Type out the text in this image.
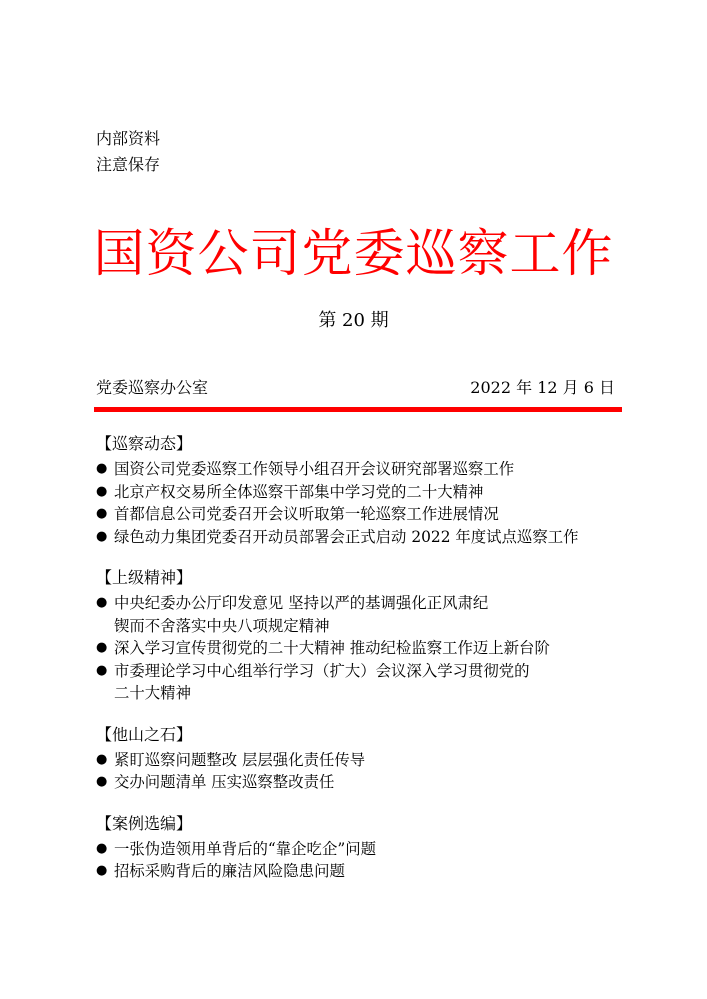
内部资料
注意保存
国资公司党委巡察工作
第 20 期
党委巡察办公室	2022 年 12 月 6 日
【巡察动态】
● 国资公司党委巡察工作领导小组召开会议研究部署巡察工作
● 北京产权交易所全体巡察干部集中学习党的二十大精神
● 首都信息公司党委召开会议听取第一轮巡察工作进展情况
● 绿色动力集团党委召开动员部署会正式启动 2022 年度试点巡察工作
【上级精神】
● 中央纪委办公厅印发意见 坚持以严的基调强化正风肃纪
锲而不舍落实中央八项规定精神
● 深入学习宣传贯彻党的二十大精神 推动纪检监察工作迈上新台阶
● 市委理论学习中心组举行学习（扩大）会议深入学习贯彻党的
二十大精神
【他山之石】
● 紧盯巡察问题整改 层层强化责任传导
● 交办问题清单 压实巡察整改责任
【案例选编】
● 一张伪造领用单背后的“靠企吃企”问题
● 招标采购背后的廉洁风险隐患问题
